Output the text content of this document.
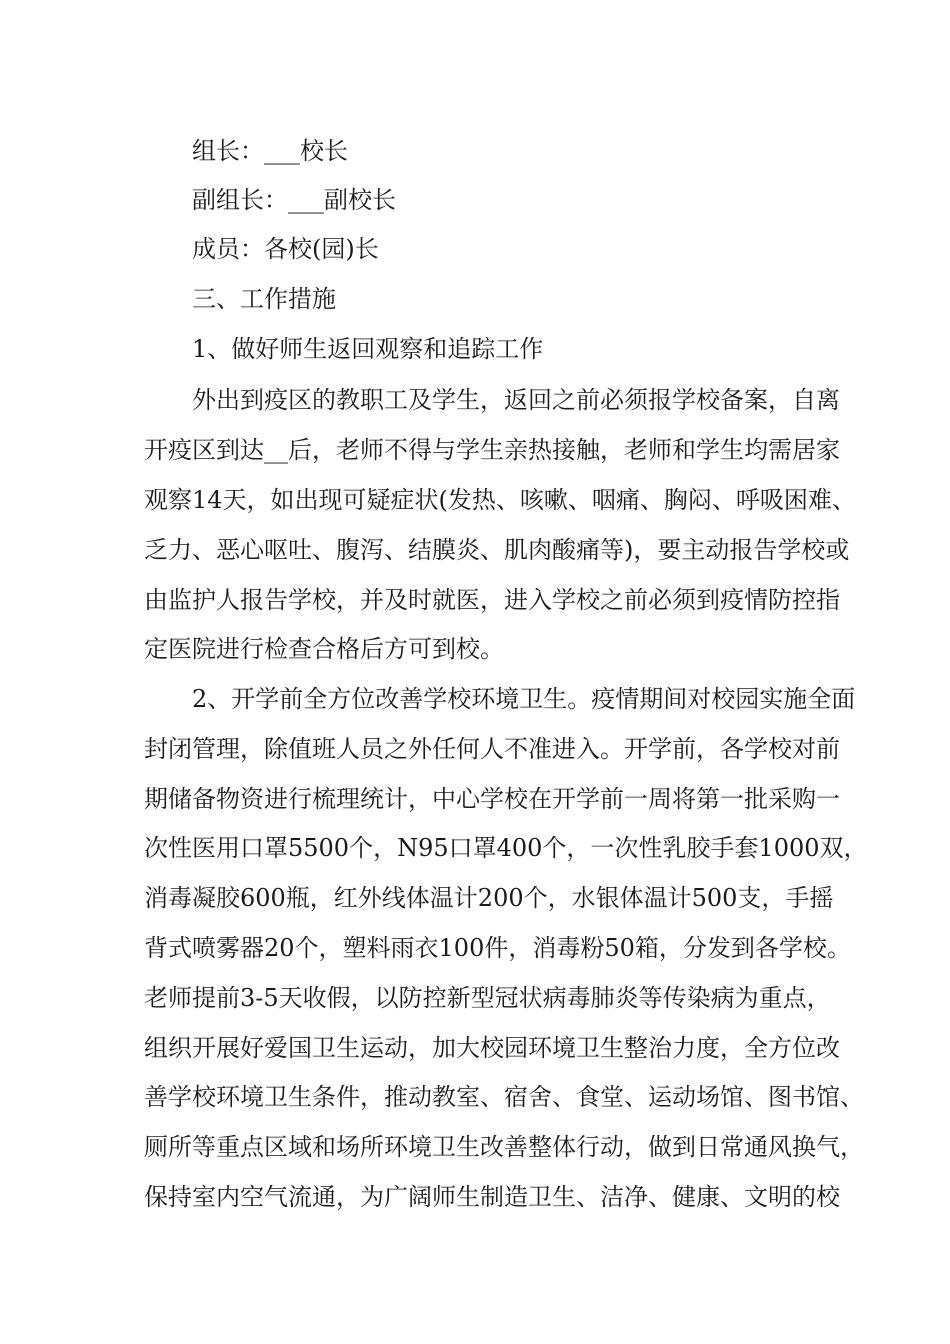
组长：___校长
副组长：___副校长
成员：各校(园)长
三、工作措施
1、做好师生返回观察和追踪工作
外出到疫区的教职工及学生，返回之前必须报学校备案，自离
开疫区到达__后，老师不得与学生亲热接触，老师和学生均需居家
观察14天，如出现可疑症状(发热、咳嗽、咽痛、胸闷、呼吸困难、
乏力、恶心呕吐、腹泻、结膜炎、肌肉酸痛等)，要主动报告学校或
由监护人报告学校，并及时就医，进入学校之前必须到疫情防控指
定医院进行检查合格后方可到校。
2、开学前全方位改善学校环境卫生。疫情期间对校园实施全面
封闭管理，除值班人员之外任何人不准进入。开学前，各学校对前
期储备物资进行梳理统计，中心学校在开学前一周将第一批采购一
次性医用口罩5500个，N95口罩400个，一次性乳胶手套1000双，
消毒凝胶600瓶，红外线体温计200个，水银体温计500支，手摇
背式喷雾器20个，塑料雨衣100件，消毒粉50箱，分发到各学校。
老师提前3-5天收假，以防控新型冠状病毒肺炎等传染病为重点，
组织开展好爱国卫生运动，加大校园环境卫生整治力度，全方位改
善学校环境卫生条件，推动教室、宿舍、食堂、运动场馆、图书馆、
厕所等重点区域和场所环境卫生改善整体行动，做到日常通风换气，
保持室内空气流通，为广阔师生制造卫生、洁净、健康、文明的校
